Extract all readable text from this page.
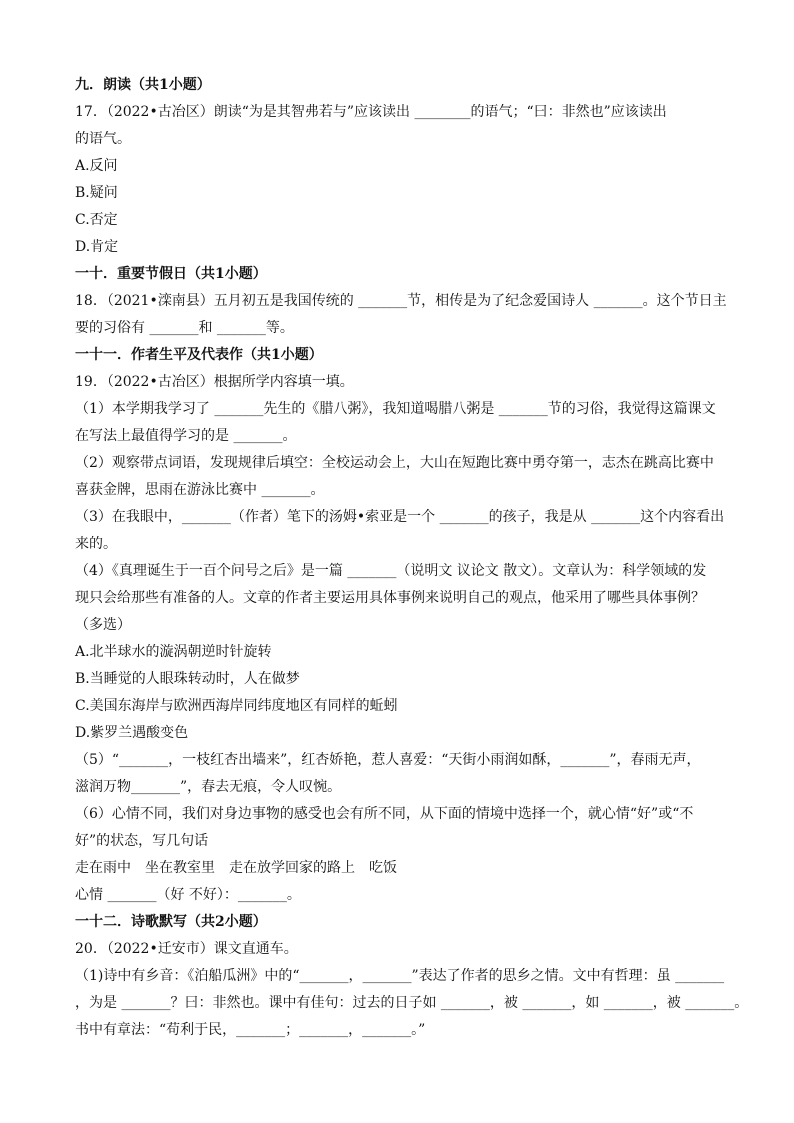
九．朗读（共1小题）
17．（2022•古冶区）朗读“为是其智弗若与”应该读出 ________的语气；“曰：非然也”应该读出
的语气。
A.反问
B.疑问
C.否定
D.肯定
一十．重要节假日（共1小题）
18．（2021•滦南县）五月初五是我国传统的 _______节，相传是为了纪念爱国诗人 _______。这个节日主
要的习俗有 _______和 _______等。
一十一．作者生平及代表作（共1小题）
19．（2022•古冶区）根据所学内容填一填。
（1）本学期我学习了 _______先生的《腊八粥》，我知道喝腊八粥是 _______节的习俗，我觉得这篇课文
在写法上最值得学习的是 _______。
（2）观察带点词语，发现规律后填空：全校运动会上，大山在短跑比赛中勇夺第一，志杰在跳高比赛中
喜获金牌，思雨在游泳比赛中 _______。
（3）在我眼中，_______（作者）笔下的汤姆•索亚是一个 _______的孩子，我是从 _______这个内容看出
来的。
（4）《真理诞生于一百个问号之后》是一篇 _______（说明文 议论文 散文）。文章认为：科学领域的发
现只会给那些有准备的人。文章的作者主要运用具体事例来说明自己的观点，他采用了哪些具体事例？
（多选）
A.北半球水的漩涡朝逆时针旋转
B.当睡觉的人眼珠转动时，人在做梦
C.美国东海岸与欧洲西海岸同纬度地区有同样的蚯蚓
D.紫罗兰遇酸变色
（5）“_______，一枝红杏出墙来”，红杏娇艳，惹人喜爱：“天街小雨润如酥，_______”，春雨无声，
滋润万物_______”，春去无痕，令人叹惋。
（6）心情不同，我们对身边事物的感受也会有所不同，从下面的情境中选择一个，就心情“好”或“不
好”的状态，写几句话
走在雨中　坐在教室里　走在放学回家的路上　吃饭
心情 _______（好 不好）：_______。
一十二．诗歌默写（共2小题）
20．（2022•迁安市）课文直通车。
（1)诗中有乡音：《泊船瓜洲》中的“_______，_______”表达了作者的思乡之情。文中有哲理：虽 _______
，为是 _______？曰：非然也。课中有佳句：过去的日子如 _______，被 _______，如 _______，被 _______。
书中有章法：“苟利于民，_______；_______，_______。”
